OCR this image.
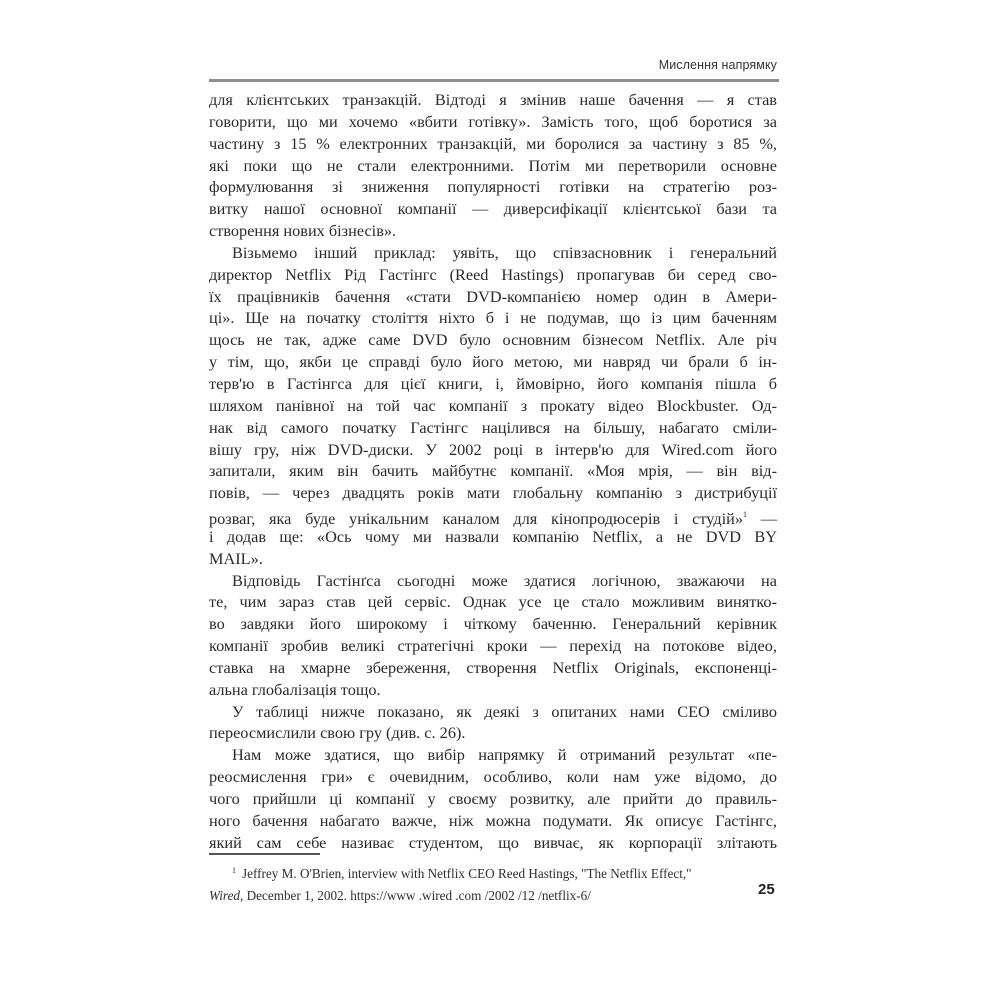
Мислення напрямку
для клієнтських транзакцій. Відтоді я змінив наше бачення — я став
говорити, що ми хочемо «вбити готівку». Замість того, щоб боротися за
частину з 15 % електронних транзакцій, ми боролися за частину з 85 %,
які поки що не стали електронними. Потім ми перетворили основне
формулювання зі зниження популярності готівки на стратегію роз-
витку нашої основної компанії — диверсифікації клієнтської бази та
створення нових бізнесів».
Візьмемо інший приклад: уявіть, що співзасновник і генеральний
директор Netflix Рід Гастінгс (Reed Hastings) пропагував би серед сво-
їх працівників бачення «стати DVD-компанією номер один в Амери-
ці». Ще на початку століття ніхто б і не подумав, що із цим баченням
щось не так, адже саме DVD було основним бізнесом Netflix. Але річ
у тім, що, якби це справді було його метою, ми навряд чи брали б ін-
терв'ю в Гастінгса для цієї книги, і, ймовірно, його компанія пішла б
шляхом панівної на той час компанії з прокату відео Blockbuster. Од-
нак від самого початку Гастінгс націлився на більшу, набагато сміли-
вішу гру, ніж DVD-диски. У 2002 році в інтерв'ю для Wired.com його
запитали, яким він бачить майбутнє компанії. «Моя мрія, — він від-
повів, — через двадцять років мати глобальну компанію з дистрибуції
розваг, яка буде унікальним каналом для кінопродюсерів і студій»$^1$ —
і додав ще: «Ось чому ми назвали компанію Netflix, а не DVD BY
MAIL».
Відповідь Гастінґса сьогодні може здатися логічною, зважаючи на
те, чим зараз став цей сервіс. Однак усе це стало можливим винятко-
во завдяки його широкому і чіткому баченню. Генеральний керівник
компанії зробив великі стратегічні кроки — перехід на потокове відео,
ставка на хмарне збереження, створення Netflix Originals, експоненці-
альна глобалізація тощо.
У таблиці нижче показано, як деякі з опитаних нами CEO сміливо
переосмислили свою гру (див. с. 26).
Нам може здатися, що вибір напрямку й отриманий результат «пе-
реосмислення гри» є очевидним, особливо, коли нам уже відомо, до
чого прийшли ці компанії у своєму розвитку, але прийти до правиль-
ного бачення набагато важче, ніж можна подумати. Як описує Гастінгс,
який сам себе називає студентом, що вивчає, як корпорації злітають
$^1$ Jeffrey M. O'Brien, interview with Netflix CEO Reed Hastings, "The Netflix Effect,"
Wired, December 1, 2002. https://www .wired .com /2002 /12 /netflix-6/	25
